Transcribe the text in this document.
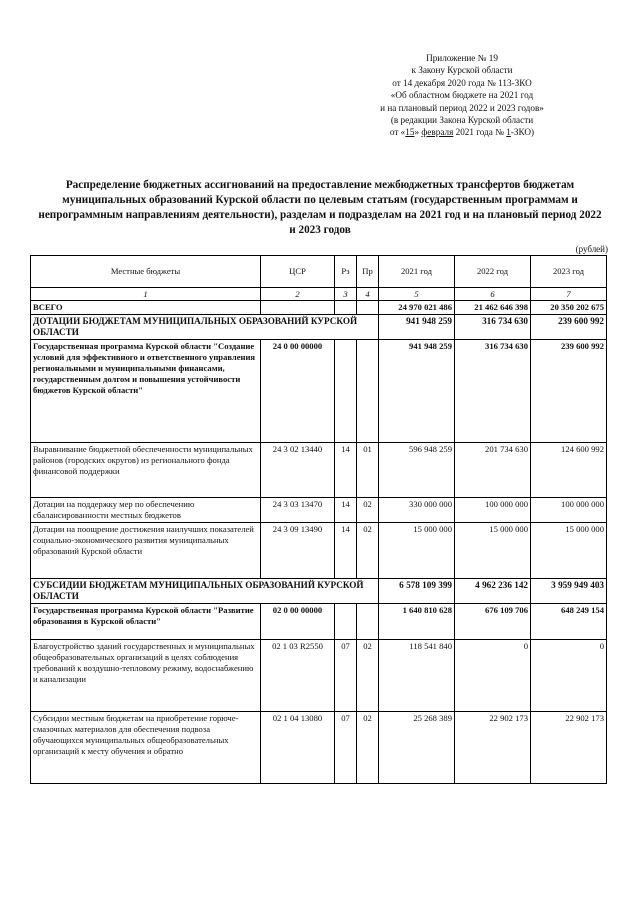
Приложение № 19
к Закону Курской области
от 14 декабря 2020 года № 113-ЗКО
«Об областном бюджете на 2021 год
и на плановый период 2022 и 2023 годов»
(в редакции Закона Курской области
от «15» февраля 2021 года № 1-ЗКО)
Распределение бюджетных ассигнований на предоставление межбюджетных трансфертов бюджетам муниципальных образований Курской области по целевым статьям (государственным программам и непрограммным направлениям деятельности), разделам и подразделам на 2021 год и на плановый период 2022 и 2023 годов
(рублей)
Местные бюджеты	ЦСР	Рз	Пр	2021 год	2022 год	2023 год
1	2	3	4	5	6	7
ВСЕГО				24 970 021 486	21 462 646 398	20 350 202 675
ДОТАЦИИ БЮДЖЕТАМ МУНИЦИПАЛЬНЫХ ОБРАЗОВАНИЙ КУРСКОЙ ОБЛАСТИ				941 948 259	316 734 630	239 600 992
Государственная программа Курской области "Создание условий для эффективного и ответственного управления региональными и муниципальными финансами, государственным долгом и повышения устойчивости бюджетов Курской области"	24 0 00 00000			941 948 259	316 734 630	239 600 992
Выравнивание бюджетной обеспеченности муниципальных районов (городских округов) из регионального фонда финансовой поддержки	24 3 02 13440	14	01	596 948 259	201 734 630	124 600 992
Дотации на поддержку мер по обеспечению сбалансированности местных бюджетов	24 3 03 13470	14	02	330 000 000	100 000 000	100 000 000
Дотации на поощрение достижения наилучших показателей социально-экономического развития муниципальных образований Курской области	24 3 09 13490	14	02	15 000 000	15 000 000	15 000 000
СУБСИДИИ БЮДЖЕТАМ МУНИЦИПАЛЬНЫХ ОБРАЗОВАНИЙ КУРСКОЙ ОБЛАСТИ				6 578 109 399	4 962 236 142	3 959 949 403
Государственная программа Курской области "Развитие образования в Курской области"	02 0 00 00000			1 640 810 628	676 109 706	648 249 154
Благоустройство зданий государственных и муниципальных общеобразовательных организаций в целях соблюдения требований к воздушно-тепловому режиму, водоснабжению и канализации	02 1 03 R2550	07	02	118 541 840	0	0
Субсидии местным бюджетам на приобретение горюче-смазочных материалов для обеспечения подвоза обучающихся муниципальных общеобразовательных организаций к месту обучения и обратно	02 1 04 13080	07	02	25 268 389	22 902 173	22 902 173
